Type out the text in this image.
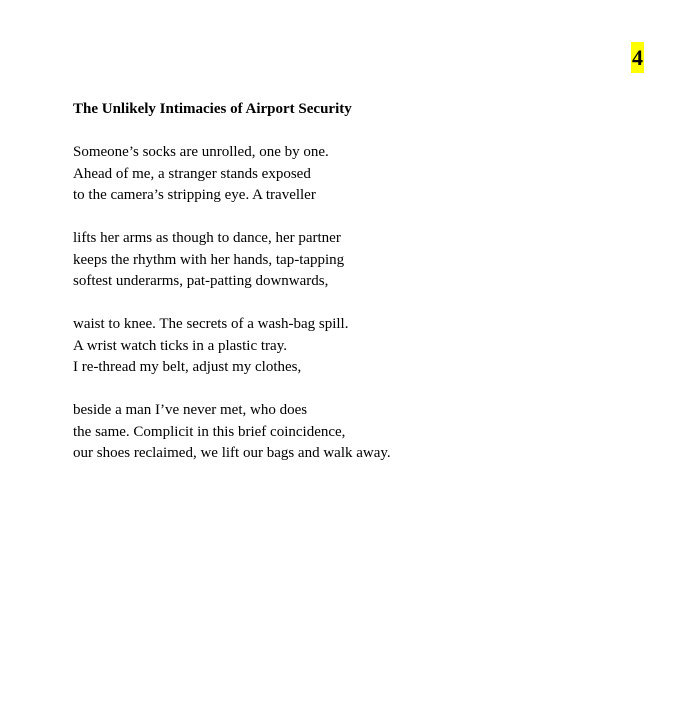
4
The Unlikely Intimacies of Airport Security
Someone’s socks are unrolled, one by one.
Ahead of me, a stranger stands exposed
to the camera’s stripping eye. A traveller
lifts her arms as though to dance, her partner
keeps the rhythm with her hands, tap-tapping
softest underarms, pat-patting downwards,
waist to knee. The secrets of a wash-bag spill.
A wrist watch ticks in a plastic tray.
I re-thread my belt, adjust my clothes,
beside a man I’ve never met, who does
the same. Complicit in this brief coincidence,
our shoes reclaimed, we lift our bags and walk away.
